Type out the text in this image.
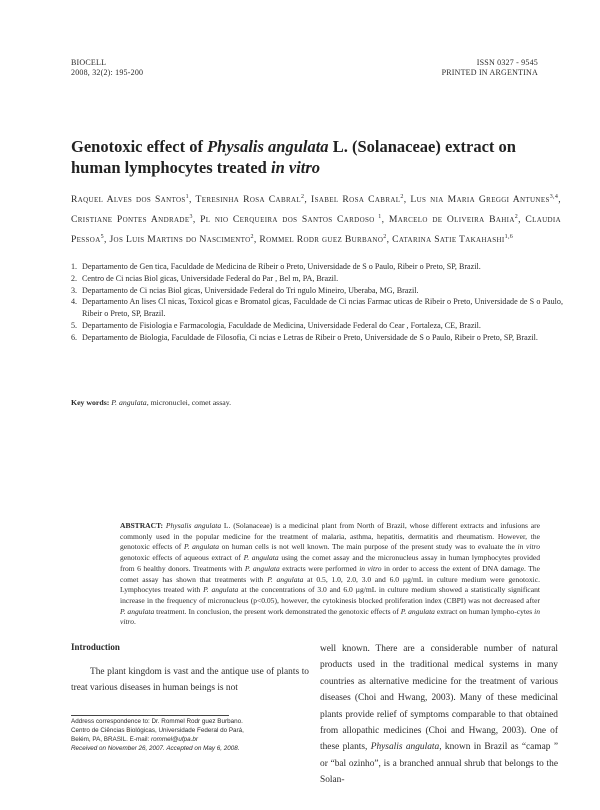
BIOCELL
2008, 32(2): 195-200
ISSN 0327 - 9545
PRINTED IN ARGENTINA
Genotoxic effect of Physalis angulata L. (Solanaceae) extract on human lymphocytes treated in vitro
Raquel Alves dos Santos$^1$, Teresinha Rosa Cabral$^2$, Isabel Rosa Cabral$^2$, Lus nia Maria Greggi Antunes$^{3,4}$, Cristiane Pontes Andrade$^3$, Pl nio Cerqueira dos Santos Cardoso $^1$, Marcelo de Oliveira Bahia$^2$, Claudia Pessoa$^5$, Jos Luis Martins do Nascimento$^2$, Rommel Rodr guez Burbano$^2$, Catarina Satie Takahashi$^{1,6}$
1. Departamento de Gen tica, Faculdade de Medicina de Ribeir o Preto, Universidade de S o Paulo, Ribeir o Preto, SP, Brazil.
2. Centro de Ci ncias Biol gicas, Universidade Federal do Par , Bel m, PA, Brazil.
3. Departamento de Ci ncias Biol gicas, Universidade Federal do Tri ngulo Mineiro, Uberaba, MG, Brazil.
4. Departamento An lises Cl nicas, Toxicol gicas e Bromatol gicas, Faculdade de Ci ncias Farmac uticas de Ribeir o Preto, Universidade de S o Paulo, Ribeir o Preto, SP, Brazil.
5. Departamento de Fisiologia e Farmacologia, Faculdade de Medicina, Universidade Federal do Cear , Fortaleza, CE, Brazil.
6. Departamento de Biologia, Faculdade de Filosofia, Ci ncias e Letras de Ribeir o Preto, Universidade de S o Paulo, Ribeir o Preto, SP, Brazil.
Key words: P. angulata, micronuclei, comet assay.
ABSTRACT: Physalis angulata L. (Solanaceae) is a medicinal plant from North of Brazil, whose different extracts and infusions are commonly used in the popular medicine for the treatment of malaria, asthma, hepatitis, dermatitis and rheumatism. However, the genotoxic effects of P. angulata on human cells is not well known. The main purpose of the present study was to evaluate the in vitro genotoxic effects of aqueous extract of P. angulata using the comet assay and the micronucleus assay in human lymphocytes provided from 6 healthy donors. Treatments with P. angulata extracts were performed in vitro in order to access the extent of DNA damage. The comet assay has shown that treatments with P. angulata at 0.5, 1.0, 2.0, 3.0 and 6.0 µg/mL in culture medium were genotoxic. Lymphocytes treated with P. angulata at the concentrations of 3.0 and 6.0 µg/mL in culture medium showed a statistically significant increase in the frequency of micronucleus (p<0.05), however, the cytokinesis blocked proliferation index (CBPI) was not decreased after P. angulata treatment. In conclusion, the present work demonstrated the genotoxic effects of P. angulata extract on human lympho-cytes in vitro.
Introduction

The plant kingdom is vast and the antique use of plants to treat various diseases in human beings is not

well known. There are a considerable number of natural products used in the traditional medical systems in many countries as alternative medicine for the treatment of various diseases (Choi and Hwang, 2003). Many of these medicinal plants provide relief of symptoms comparable to that obtained from allopathic medicines (Choi and Hwang, 2003). One of these plants, Physalis angulata, known in Brazil as “camap ” or “bal ozinho”, is a branched annual shrub that belongs to the Solan-

Address correspondence to: Dr. Rommel Rodr guez Burbano.
Centro de Ciências Biológicas, Universidade Federal do Pará,
Belém, PA, BRASIL. E-mail: rommel@ufpa.br
Received on November 26, 2007. Accepted on May 6, 2008.
